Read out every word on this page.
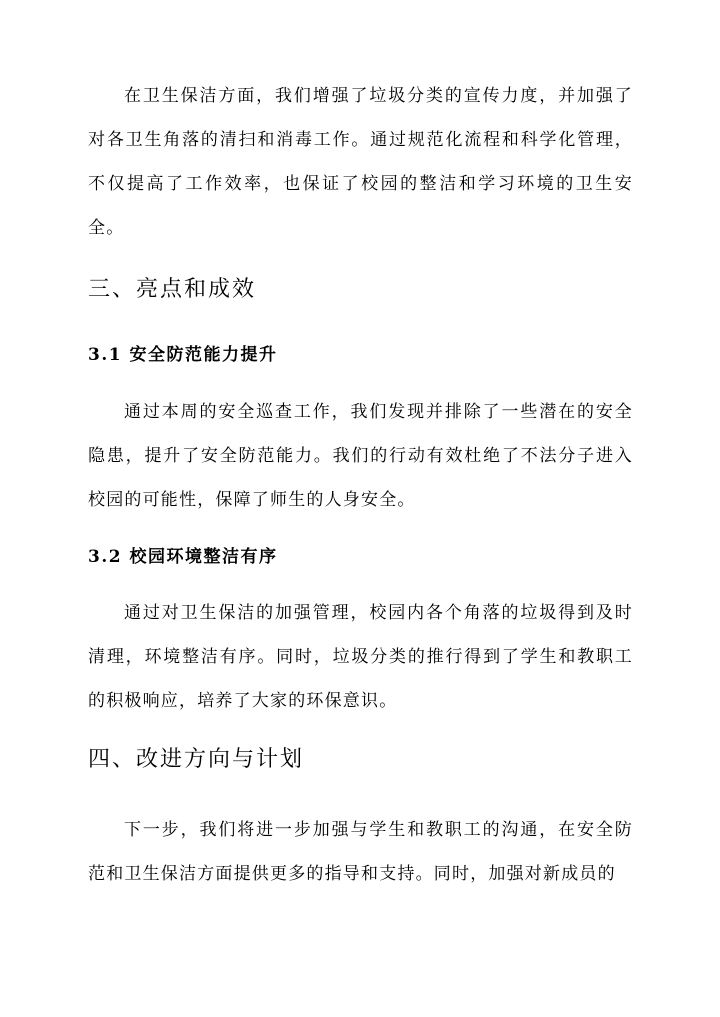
在卫生保洁方面，我们增强了垃圾分类的宣传力度，并加强了对各卫生角落的清扫和消毒工作。通过规范化流程和科学化管理，不仅提高了工作效率，也保证了校园的整洁和学习环境的卫生安全。

三、亮点和成效
3.1 安全防范能力提升

通过本周的安全巡查工作，我们发现并排除了一些潜在的安全隐患，提升了安全防范能力。我们的行动有效杜绝了不法分子进入校园的可能性，保障了师生的人身安全。

3.2 校园环境整洁有序

通过对卫生保洁的加强管理，校园内各个角落的垃圾得到及时清理，环境整洁有序。同时，垃圾分类的推行得到了学生和教职工的积极响应，培养了大家的环保意识。

四、改进方向与计划

下一步，我们将进一步加强与学生和教职工的沟通，在安全防范和卫生保洁方面提供更多的指导和支持。同时，加强对新成员的
